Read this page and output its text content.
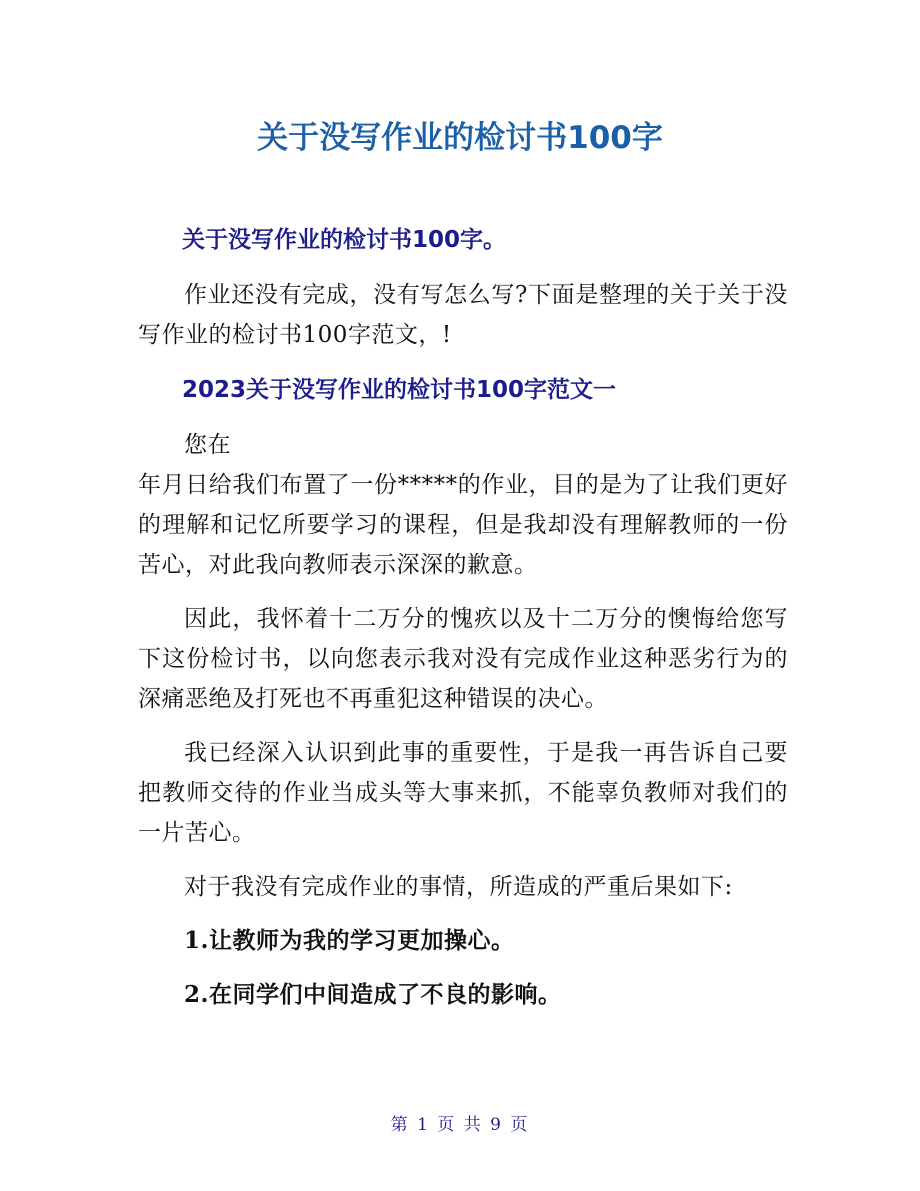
关于没写作业的检讨书100字
关于没写作业的检讨书100字。
作业还没有完成，没有写怎么写?下面是整理的关于关于没写作业的检讨书100字范文，!
2023关于没写作业的检讨书100字范文一
您在
年月日给我们布置了一份*****的作业，目的是为了让我们更好的理解和记忆所要学习的课程，但是我却没有理解教师的一份苦心，对此我向教师表示深深的歉意。
因此，我怀着十二万分的愧疚以及十二万分的懊悔给您写下这份检讨书，以向您表示我对没有完成作业这种恶劣行为的深痛恶绝及打死也不再重犯这种错误的决心。
我已经深入认识到此事的重要性，于是我一再告诉自己要把教师交待的作业当成头等大事来抓，不能辜负教师对我们的一片苦心。
对于我没有完成作业的事情，所造成的严重后果如下:
1.让教师为我的学习更加操心。
2.在同学们中间造成了不良的影响。
第 1 页 共 9 页
